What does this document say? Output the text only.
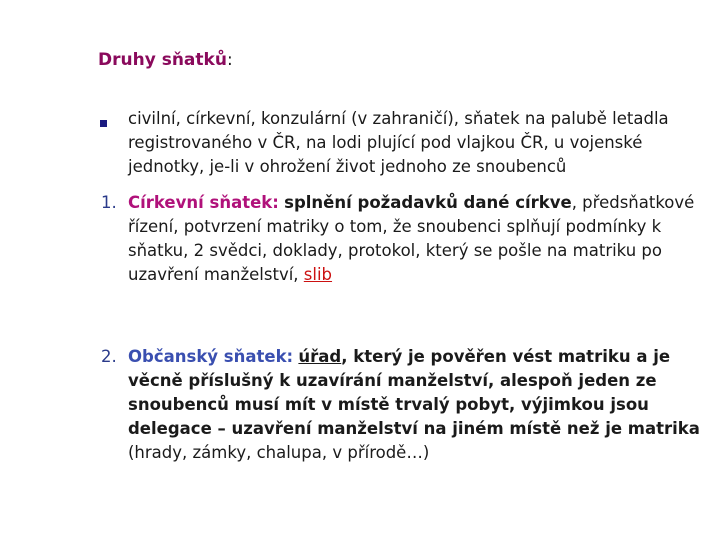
Druhy sňatků:
civilní, církevní, konzulární (v zahraničí), sňatek na palubě letadla registrovaného v ČR, na lodi plující pod vlajkou ČR, u vojenské jednotky, je-li v ohrožení život jednoho ze snoubenců
1. Církevní sňatek: splnění požadavků dané církve, předsňatkové řízení, potvrzení matriky o tom, že snoubenci splňují podmínky k sňatku, 2 svědci, doklady, protokol, který se pošle na matriku po uzavření manželství, slib
2. Občanský sňatek: úřad, který je pověřen vést matriku a je věcně příslušný k uzavírání manželství, alespoň jeden ze snoubenců musí mít v místě trvalý pobyt, výjimkou jsou delegace – uzavření manželství na jiném místě než je matrika (hrady, zámky, chalupa, v přírodě…)
